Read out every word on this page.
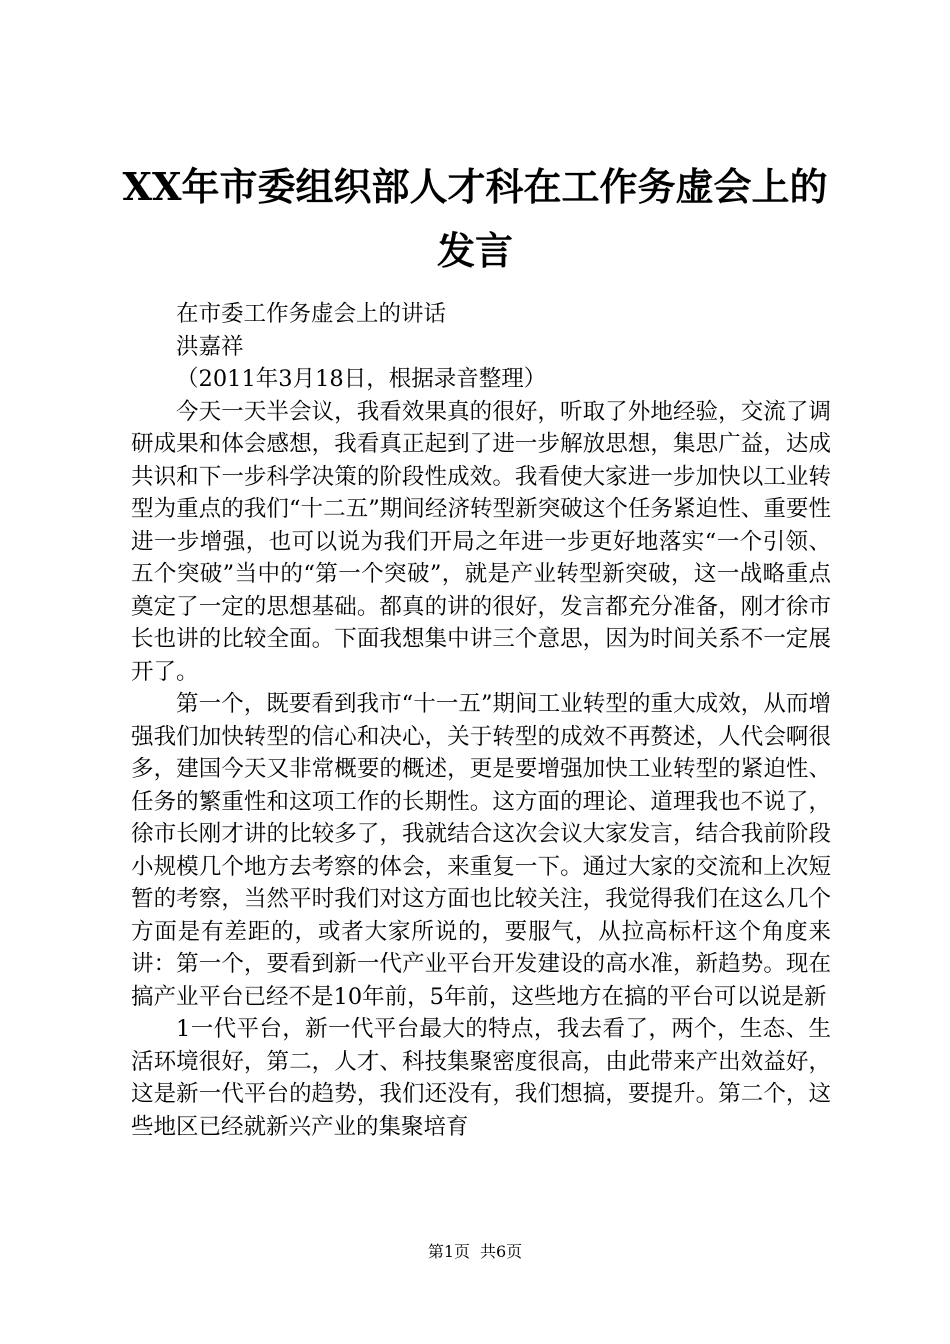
XX年市委组织部人才科在工作务虚会上的发言

在市委工作务虚会上的讲话

洪嘉祥

（2011年3月18日，根据录音整理）

今天一天半会议，我看效果真的很好，听取了外地经验，交流了调研成果和体会感想，我看真正起到了进一步解放思想，集思广益，达成共识和下一步科学决策的阶段性成效。我看使大家进一步加快以工业转型为重点的我们“十二五”期间经济转型新突破这个任务紧迫性、重要性进一步增强，也可以说为我们开局之年进一步更好地落实“一个引领、五个突破”当中的“第一个突破”，就是产业转型新突破，这一战略重点奠定了一定的思想基础。都真的讲的很好，发言都充分准备，刚才徐市长也讲的比较全面。下面我想集中讲三个意思，因为时间关系不一定展开了。

第一个，既要看到我市“十一五”期间工业转型的重大成效，从而增强我们加快转型的信心和决心，关于转型的成效不再赘述，人代会啊很多，建国今天又非常概要的概述，更是要增强加快工业转型的紧迫性、任务的繁重性和这项工作的长期性。这方面的理论、道理我也不说了，徐市长刚才讲的比较多了，我就结合这次会议大家发言，结合我前阶段小规模几个地方去考察的体会，来重复一下。通过大家的交流和上次短暂的考察，当然平时我们对这方面也比较关注，我觉得我们在这么几个方面是有差距的，或者大家所说的，要服气，从拉高标杆这个角度来讲：第一个，要看到新一代产业平台开发建设的高水准，新趋势。现在搞产业平台已经不是10年前，5年前，这些地方在搞的平台可以说是新

1一代平台，新一代平台最大的特点，我去看了，两个，生态、生活环境很好，第二，人才、科技集聚密度很高，由此带来产出效益好，这是新一代平台的趋势，我们还没有，我们想搞，要提升。第二个，这些地区已经就新兴产业的集聚培育

第1页 共6页
